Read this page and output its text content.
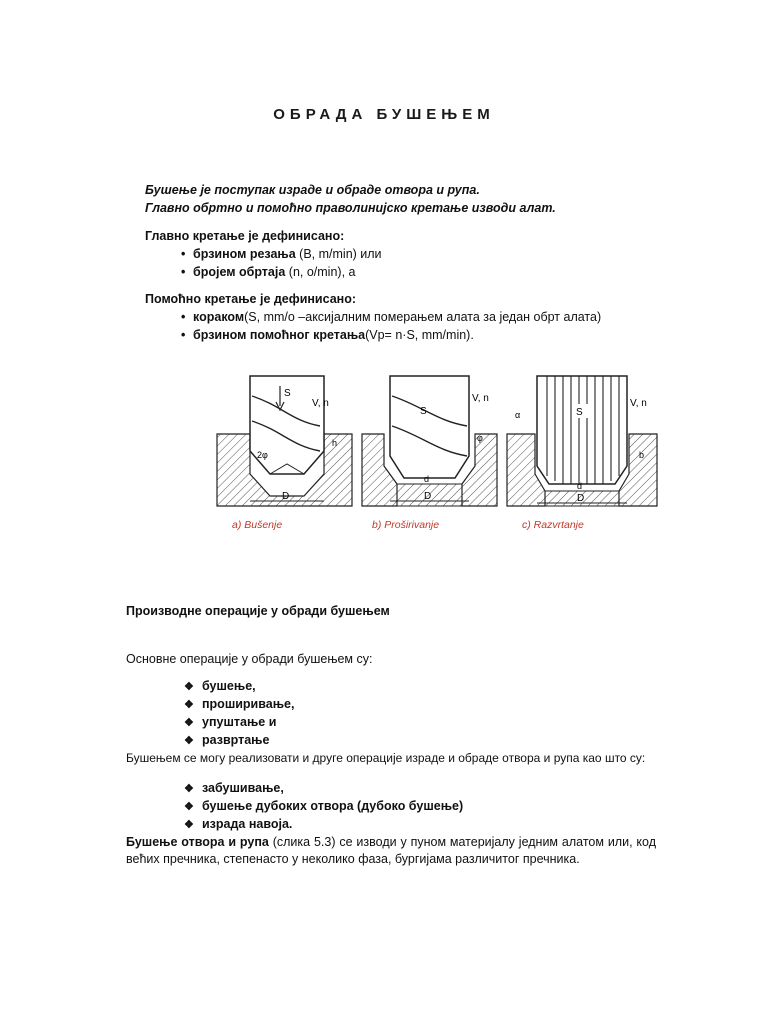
ОБРАДА БУШЕЊЕМ
Бушење је поступак израде и обраде отвора и рупа.
Главно обртно и помоћно праволинијско кретање изводи алат.
Главно кретање је дефинисано:
• брзином резања (В, m/min) или
• бројем обртаја (n, o/min), а
Помоћно кретање је дефинисано:
• кораком(S, mm/o –аксијалним померањем алата за један обрт алата)
• брзином помоћног кретања(Vp= n·S, mm/min).
S
V, n
2φ
h
D
a) Bušenje
S
V, n
φ
d
D
b) Proširivanje
S
V, n
α
b
d
D
c) Razvrtanje
Производне операције у обради бушењем
Основне операције у обради бушењем су:
❖ бушење,
❖ проширивање,
❖ упуштање и
❖ развртање
Бушењем се могу реализовати и друге операције израде и обраде отвора и рупа као што су:
❖ забушивање,
❖ бушење дубоких отвора (дубоко бушење)
❖ израда навоја.
Бушење отвора и рупа (слика 5.3) се изводи у пуном материјалу једним алатом или, код већих пречника, степенасто у неколико фаза, бургијама различитог пречника.
